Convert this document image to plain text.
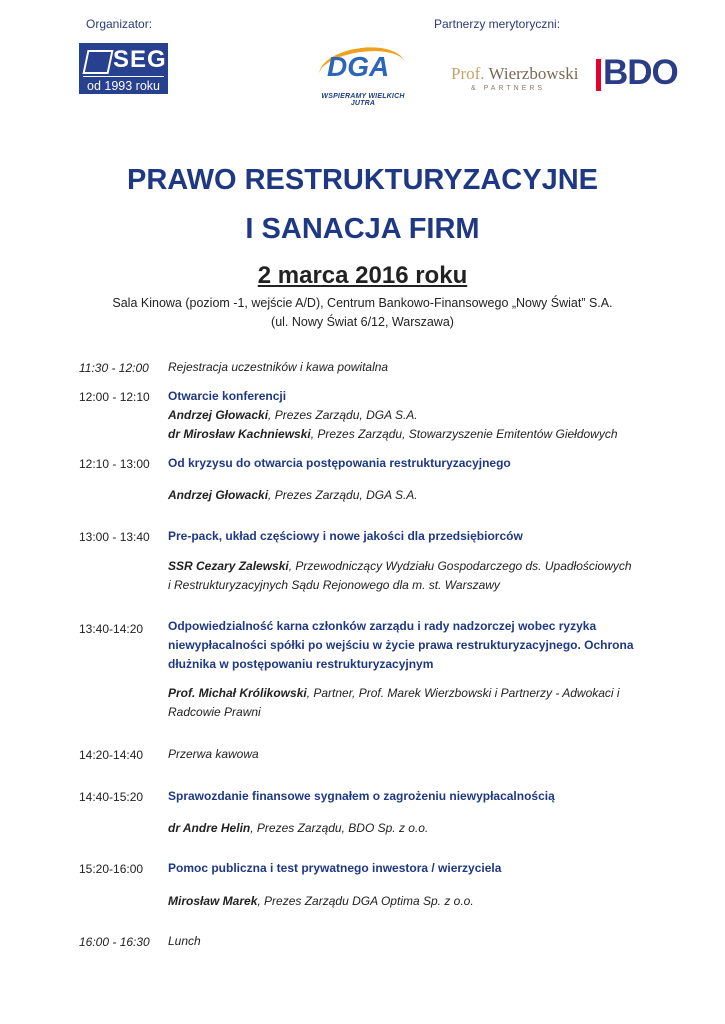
Organizator:	Partnerzy merytoryczni:
SEG
od 1993 roku
DGA
WSPIERAMY WIELKICH JUTRA
Prof. Wierzbowski
& PARTNERS	BDO
PRAWO RESTRUKTURYZACYJNE
I SANACJA FIRM
2 marca 2016 roku
Sala Kinowa (poziom -1, wejście A/D), Centrum Bankowo-Finansowego „Nowy Świat” S.A.
(ul. Nowy Świat 6/12, Warszawa)
11:30 - 12:00 Rejestracja uczestników i kawa powitalna
12:00 - 12:10 Otwarcie konferencji
Andrzej Głowacki, Prezes Zarządu, DGA S.A.
dr Mirosław Kachniewski, Prezes Zarządu, Stowarzyszenie Emitentów Giełdowych
12:10 - 13:00 Od kryzysu do otwarcia postępowania restrukturyzacyjnego
Andrzej Głowacki, Prezes Zarządu, DGA S.A.
13:00 - 13:40 Pre-pack, układ częściowy i nowe jakości dla przedsiębiorców
SSR Cezary Zalewski, Przewodniczący Wydziału Gospodarczego ds. Upadłościowych
i Restrukturyzacyjnych Sądu Rejonowego dla m. st. Warszawy
13:40-14:20 Odpowiedzialność karna członków zarządu i rady nadzorczej wobec ryzyka
niewypłacalności spółki po wejściu w życie prawa restrukturyzacyjnego. Ochrona
dłużnika w postępowaniu restrukturyzacyjnym
Prof. Michał Królikowski, Partner, Prof. Marek Wierzbowski i Partnerzy - Adwokaci i
Radcowie Prawni
14:20-14:40 Przerwa kawowa
14:40-15:20 Sprawozdanie finansowe sygnałem o zagrożeniu niewypłacalnością
dr Andre Helin, Prezes Zarządu, BDO Sp. z o.o.
15:20-16:00 Pomoc publiczna i test prywatnego inwestora / wierzyciela
Mirosław Marek, Prezes Zarządu DGA Optima Sp. z o.o.
16:00 - 16:30 Lunch
